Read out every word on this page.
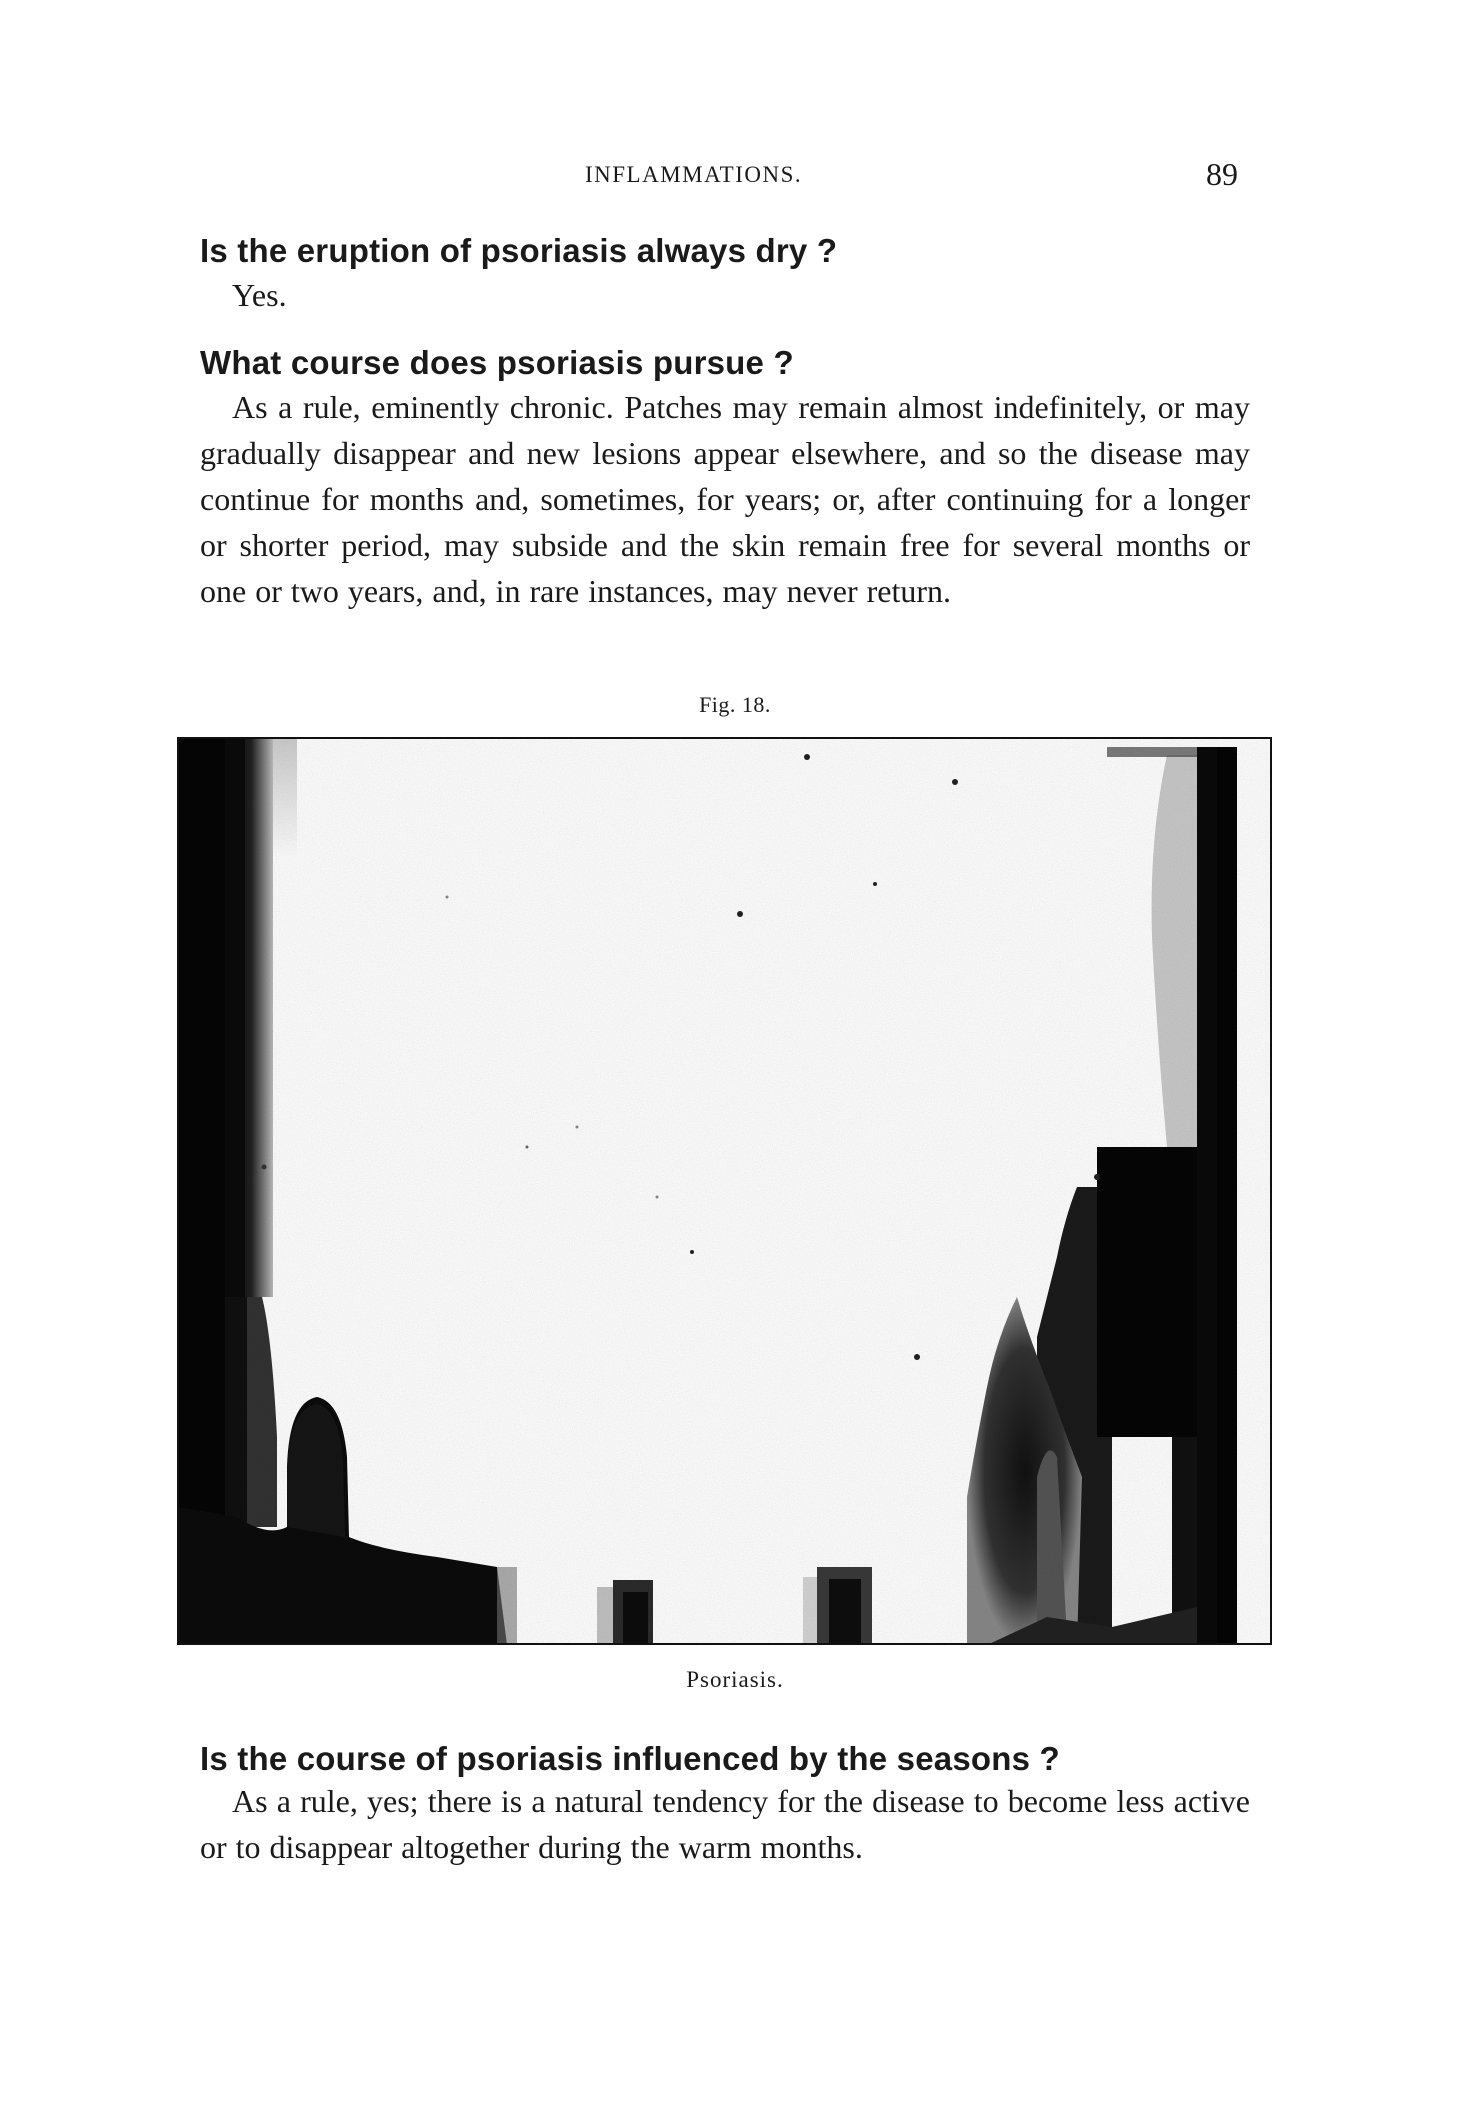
INFLAMMATIONS.	89
Is the eruption of psoriasis always dry ?
Yes.
What course does psoriasis pursue ?
As a rule, eminently chronic. Patches may remain almost indefinitely, or may gradually disappear and new lesions appear elsewhere, and so the disease may continue for months and, sometimes, for years; or, after continuing for a longer or shorter period, may subside and the skin remain free for several months or one or two years, and, in rare instances, may never return.
Fig. 18.
Psoriasis.
Is the course of psoriasis influenced by the seasons ?
As a rule, yes; there is a natural tendency for the disease to become less active or to disappear altogether during the warm months.
